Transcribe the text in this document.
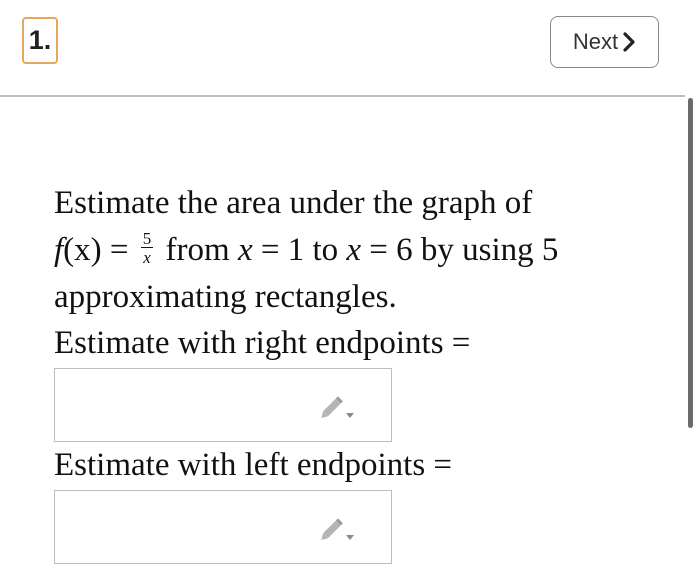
1.	Next
Estimate the area under the graph of
$f(x) = \frac{5}{x}$ from x = 1 to x = 6 by using 5
approximating rectangles.
Estimate with right endpoints =
Estimate with left endpoints =
